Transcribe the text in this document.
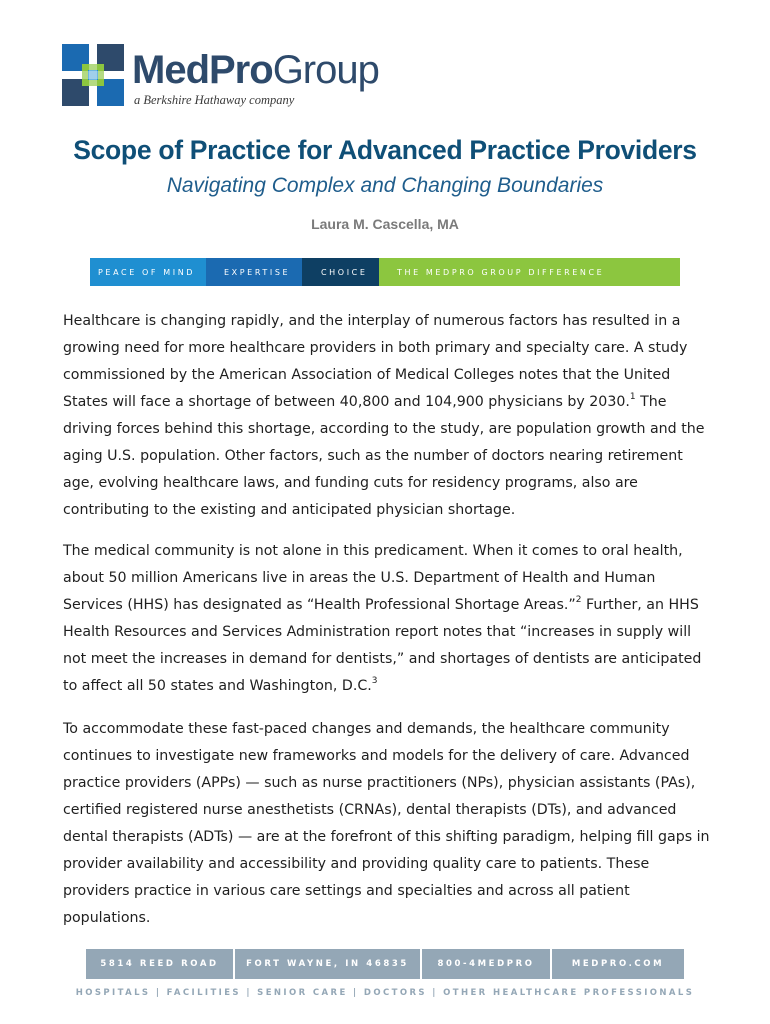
MedProGroup
a Berkshire Hathaway company
Scope of Practice for Advanced Practice Providers
Navigating Complex and Changing Boundaries
Laura M. Cascella, MA
PEACE OF MIND	EXPERTISE	CHOICE	THE MEDPRO GROUP DIFFERENCE
Healthcare is changing rapidly, and the interplay of numerous factors has resulted in a growing need for more healthcare providers in both primary and specialty care. A study commissioned by the American Association of Medical Colleges notes that the United States will face a shortage of between 40,800 and 104,900 physicians by 2030.$^1$ The driving forces behind this shortage, according to the study, are population growth and the aging U.S. population. Other factors, such as the number of doctors nearing retirement age, evolving healthcare laws, and funding cuts for residency programs, also are contributing to the existing and anticipated physician shortage.
The medical community is not alone in this predicament. When it comes to oral health, about 50 million Americans live in areas the U.S. Department of Health and Human Services (HHS) has designated as “Health Professional Shortage Areas.”$^2$ Further, an HHS Health Resources and Services Administration report notes that “increases in supply will not meet the increases in demand for dentists,” and shortages of dentists are anticipated to affect all 50 states and Washington, D.C.$^3$
To accommodate these fast-paced changes and demands, the healthcare community continues to investigate new frameworks and models for the delivery of care. Advanced practice providers (APPs) — such as nurse practitioners (NPs), physician assistants (PAs), certified registered nurse anesthetists (CRNAs), dental therapists (DTs), and advanced dental therapists (ADTs) — are at the forefront of this shifting paradigm, helping fill gaps in provider availability and accessibility and providing quality care to patients. These providers practice in various care settings and specialties and across all patient populations.
5814 REED ROAD	FORT WAYNE, IN 46835	800-4MEDPRO	MEDPRO.COM
HOSPITALS | FACILITIES | SENIOR CARE | DOCTORS | OTHER HEALTHCARE PROFESSIONALS
